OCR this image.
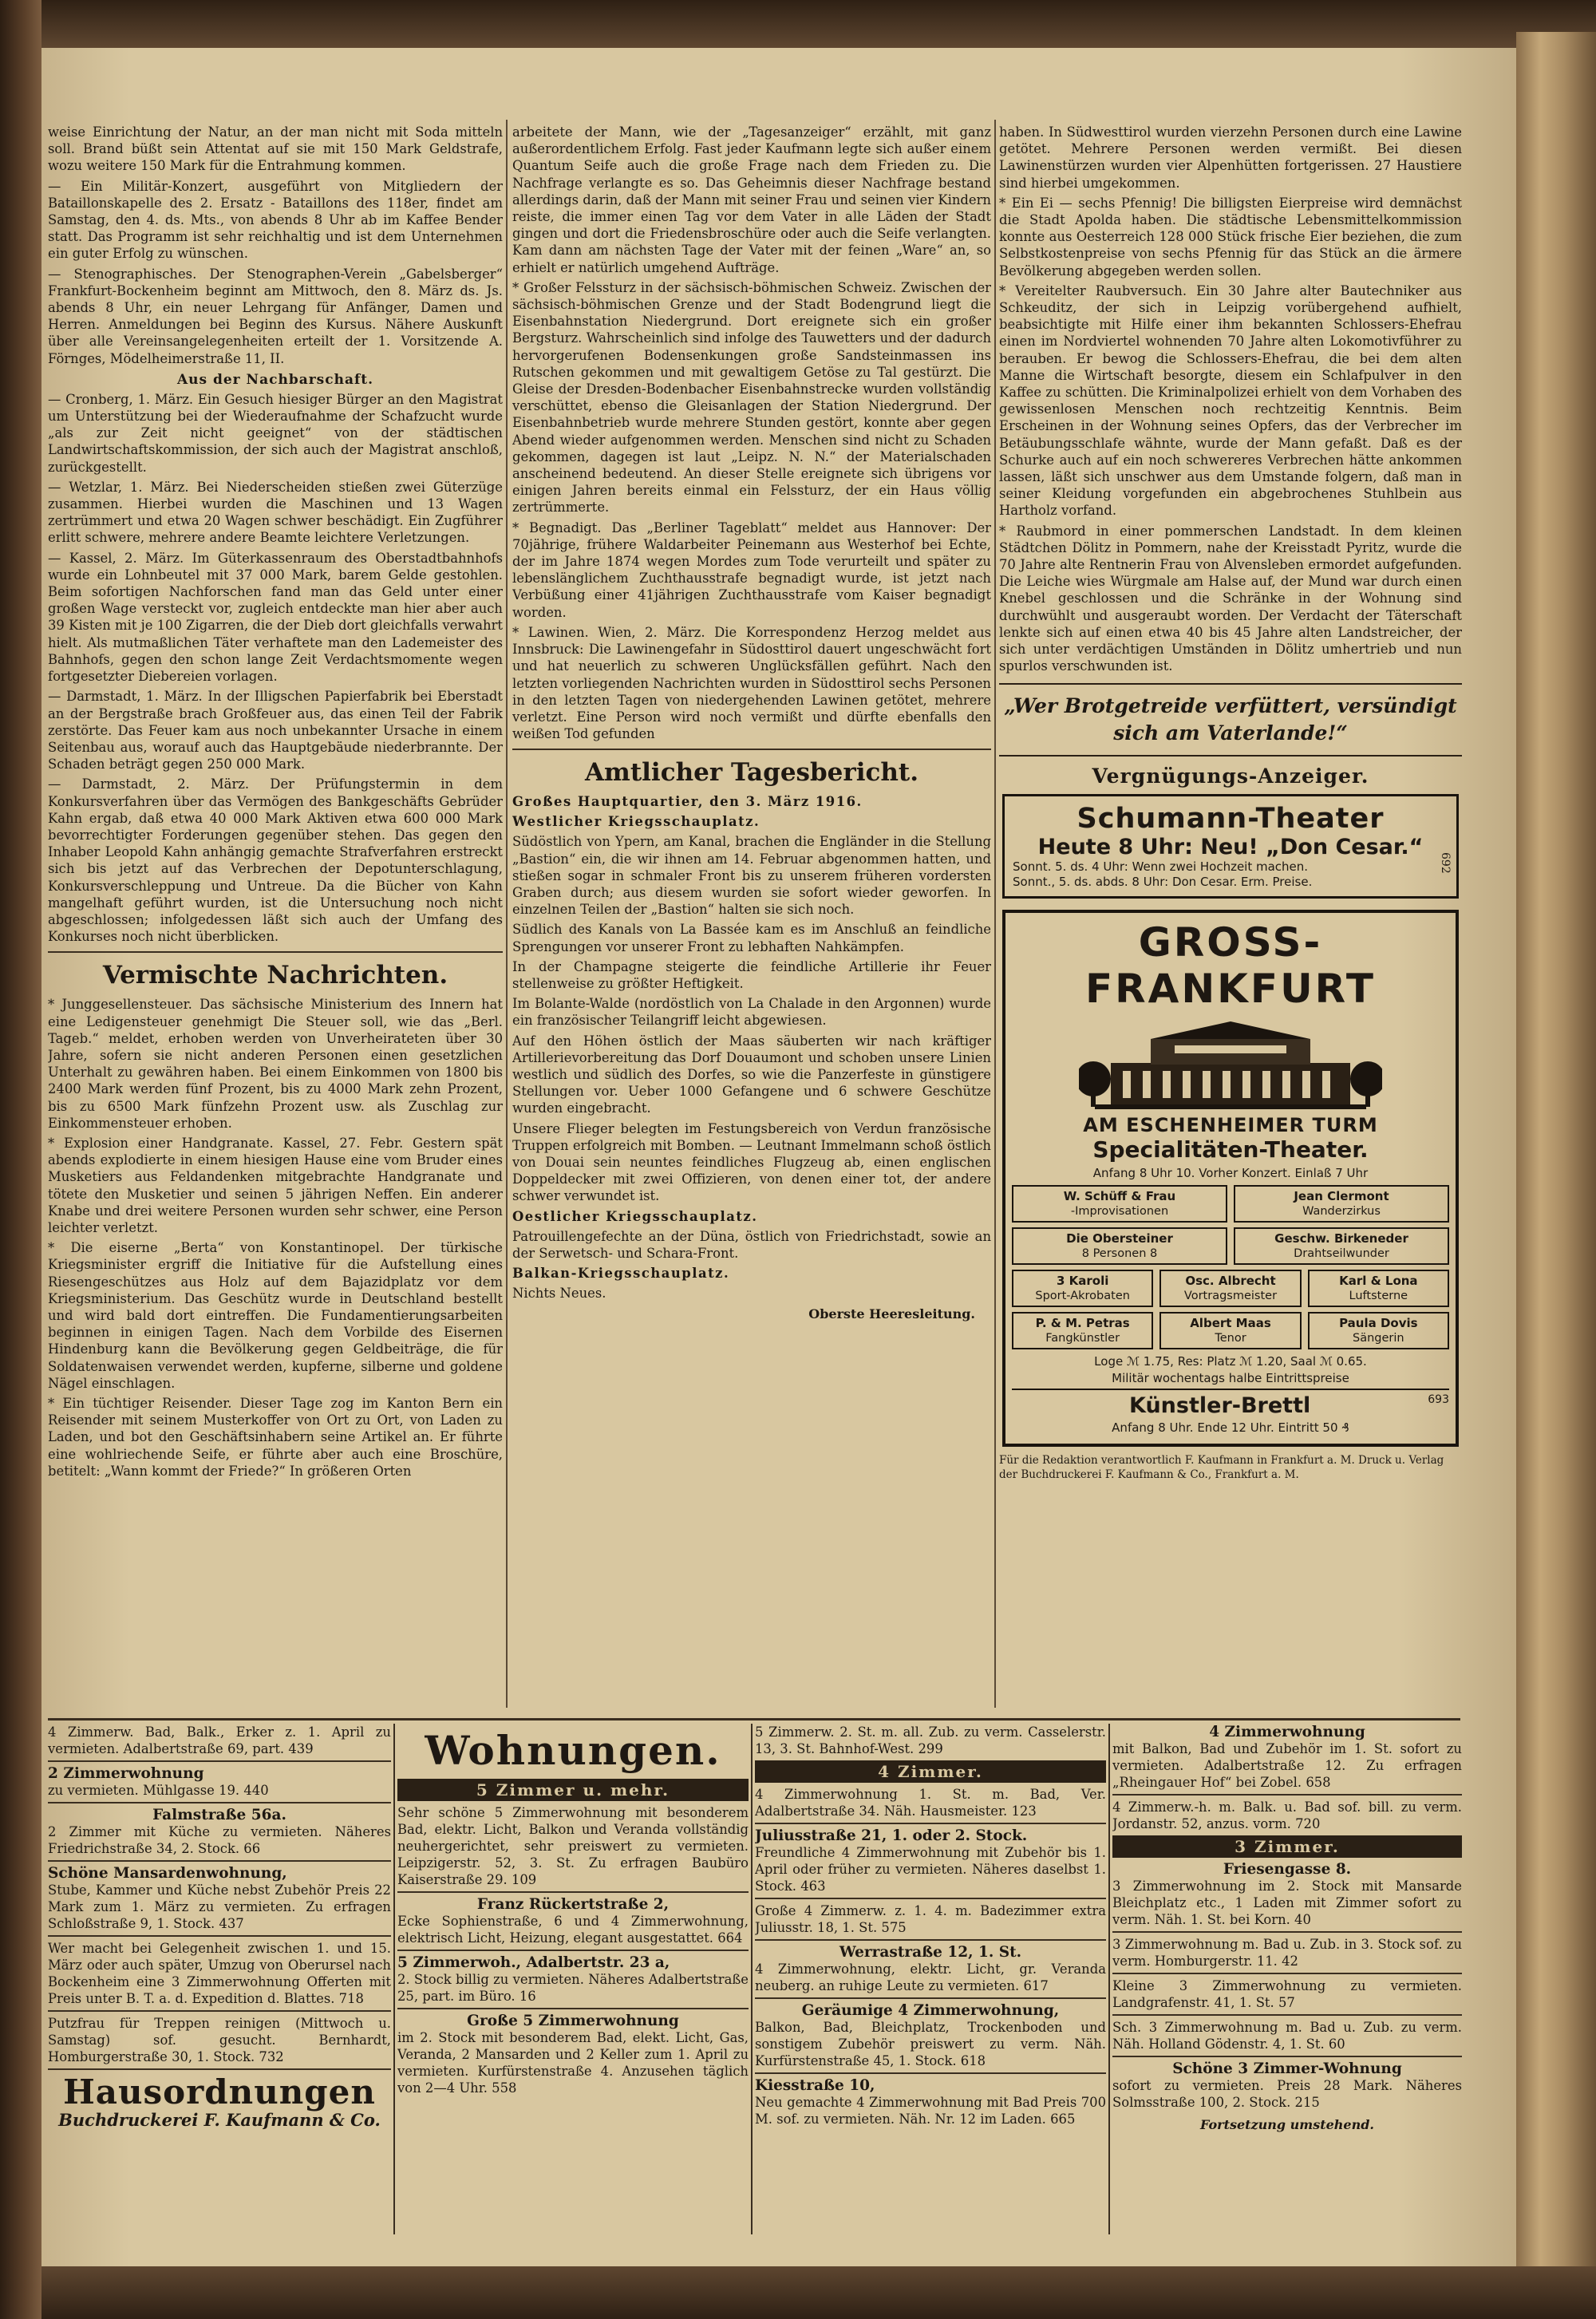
weise Einrichtung der Natur, an der man nicht mit Soda mitteln soll. Brand büßt sein Attentat auf sie mit 150 Mark Geldstrafe, wozu weitere 150 Mark für die Entrahmung kommen.

— Ein Militär-Konzert, ausgeführt von Mitgliedern der Bataillonskapelle des 2. Ersatz - Bataillons des 118er, findet am Samstag, den 4. ds. Mts., von abends 8 Uhr ab im Kaffee Bender statt. Das Programm ist sehr reichhaltig und ist dem Unternehmen ein guter Erfolg zu wünschen.

— Stenographisches. Der Stenographen-Verein „Gabelsberger“ Frankfurt-Bockenheim beginnt am Mittwoch, den 8. März ds. Js. abends 8 Uhr, ein neuer Lehrgang für Anfänger, Damen und Herren. Anmeldungen bei Beginn des Kursus. Nähere Auskunft über alle Vereinsangelegenheiten erteilt der 1. Vorsitzende A. Förnges, Mödelheimerstraße 11, II.

Aus der Nachbarschaft.

— Cronberg, 1. März. Ein Gesuch hiesiger Bürger an den Magistrat um Unterstützung bei der Wiederaufnahme der Schafzucht wurde „als zur Zeit nicht geeignet“ von der städtischen Landwirtschaftskommission, der sich auch der Magistrat anschloß, zurückgestellt.

— Wetzlar, 1. März. Bei Niederscheiden stießen zwei Güterzüge zusammen. Hierbei wurden die Maschinen und 13 Wagen zertrümmert und etwa 20 Wagen schwer beschädigt. Ein Zugführer erlitt schwere, mehrere andere Beamte leichtere Verletzungen.

— Kassel, 2. März. Im Güterkassenraum des Oberstadtbahnhofs wurde ein Lohnbeutel mit 37 000 Mark, barem Gelde gestohlen. Beim sofortigen Nachforschen fand man das Geld unter einer großen Wage versteckt vor, zugleich entdeckte man hier aber auch 39 Kisten mit je 100 Zigarren, die der Dieb dort gleichfalls verwahrt hielt. Als mutmaßlichen Täter verhaftete man den Lademeister des Bahnhofs, gegen den schon lange Zeit Verdachtsmomente wegen fortgesetzter Diebereien vorlagen.

— Darmstadt, 1. März. In der Illigschen Papierfabrik bei Eberstadt an der Bergstraße brach Großfeuer aus, das einen Teil der Fabrik zerstörte. Das Feuer kam aus noch unbekannter Ursache in einem Seitenbau aus, worauf auch das Hauptgebäude niederbrannte. Der Schaden beträgt gegen 250 000 Mark.

— Darmstadt, 2. März. Der Prüfungstermin in dem Konkursverfahren über das Vermögen des Bankgeschäfts Gebrüder Kahn ergab, daß etwa 40 000 Mark Aktiven etwa 600 000 Mark bevorrechtigter Forderungen gegenüber stehen. Das gegen den Inhaber Leopold Kahn anhängig gemachte Strafverfahren erstreckt sich bis jetzt auf das Verbrechen der Depotunterschlagung, Konkursverschleppung und Untreue. Da die Bücher von Kahn mangelhaft geführt wurden, ist die Untersuchung noch nicht abgeschlossen; infolgedessen läßt sich auch der Umfang des Konkurses noch nicht überblicken.

Vermischte Nachrichten.

* Junggesellensteuer. Das sächsische Ministerium des Innern hat eine Ledigensteuer genehmigt Die Steuer soll, wie das „Berl. Tageb.“ meldet, erhoben werden von Unverheirateten über 30 Jahre, sofern sie nicht anderen Personen einen gesetzlichen Unterhalt zu gewähren haben. Bei einem Einkommen von 1800 bis 2400 Mark werden fünf Prozent, bis zu 4000 Mark zehn Prozent, bis zu 6500 Mark fünfzehn Prozent usw. als Zuschlag zur Einkommensteuer erhoben.

* Explosion einer Handgranate. Kassel, 27. Febr. Gestern spät abends explodierte in einem hiesigen Hause eine vom Bruder eines Musketiers aus Feldandenken mitgebrachte Handgranate und tötete den Musketier und seinen 5 jährigen Neffen. Ein anderer Knabe und drei weitere Personen wurden sehr schwer, eine Person leichter verletzt.

* Die eiserne „Berta“ von Konstantinopel. Der türkische Kriegsminister ergriff die Initiative für die Aufstellung eines Riesengeschützes aus Holz auf dem Bajazidplatz vor dem Kriegsministerium. Das Geschütz wurde in Deutschland bestellt und wird bald dort eintreffen. Die Fundamentierungsarbeiten beginnen in einigen Tagen. Nach dem Vorbilde des Eisernen Hindenburg kann die Bevölkerung gegen Geldbeiträge, die für Soldatenwaisen verwendet werden, kupferne, silberne und goldene Nägel einschlagen.

* Ein tüchtiger Reisender. Dieser Tage zog im Kanton Bern ein Reisender mit seinem Musterkoffer von Ort zu Ort, von Laden zu Laden, und bot den Geschäftsinhabern seine Artikel an. Er führte eine wohlriechende Seife, er führte aber auch eine Broschüre, betitelt: „Wann kommt der Friede?“ In größeren Orten

arbeitete der Mann, wie der „Tagesanzeiger“ erzählt, mit ganz außerordentlichem Erfolg. Fast jeder Kaufmann legte sich außer einem Quantum Seife auch die große Frage nach dem Frieden zu. Die Nachfrage verlangte es so. Das Geheimnis dieser Nachfrage bestand allerdings darin, daß der Mann mit seiner Frau und seinen vier Kindern reiste, die immer einen Tag vor dem Vater in alle Läden der Stadt gingen und dort die Friedensbroschüre oder auch die Seife verlangten. Kam dann am nächsten Tage der Vater mit der feinen „Ware“ an, so erhielt er natürlich umgehend Aufträge.

* Großer Felssturz in der sächsisch-böhmischen Schweiz. Zwischen der sächsisch-böhmischen Grenze und der Stadt Bodengrund liegt die Eisenbahnstation Niedergrund. Dort ereignete sich ein großer Bergsturz. Wahrscheinlich sind infolge des Tauwetters und der dadurch hervorgerufenen Bodensenkungen große Sandsteinmassen ins Rutschen gekommen und mit gewaltigem Getöse zu Tal gestürzt. Die Gleise der Dresden-Bodenbacher Eisenbahnstrecke wurden vollständig verschüttet, ebenso die Gleisanlagen der Station Niedergrund. Der Eisenbahnbetrieb wurde mehrere Stunden gestört, konnte aber gegen Abend wieder aufgenommen werden. Menschen sind nicht zu Schaden gekommen, dagegen ist laut „Leipz. N. N.“ der Materialschaden anscheinend bedeutend. An dieser Stelle ereignete sich übrigens vor einigen Jahren bereits einmal ein Felssturz, der ein Haus völlig zertrümmerte.

* Begnadigt. Das „Berliner Tageblatt“ meldet aus Hannover: Der 70jährige, frühere Waldarbeiter Peinemann aus Westerhof bei Echte, der im Jahre 1874 wegen Mordes zum Tode verurteilt und später zu lebenslänglichem Zuchthausstrafe begnadigt wurde, ist jetzt nach Verbüßung einer 41jährigen Zuchthausstrafe vom Kaiser begnadigt worden.

* Lawinen. Wien, 2. März. Die Korrespondenz Herzog meldet aus Innsbruck: Die Lawinengefahr in Südosttirol dauert ungeschwächt fort und hat neuerlich zu schweren Unglücksfällen geführt. Nach den letzten vorliegenden Nachrichten wurden in Südosttirol sechs Personen in den letzten Tagen von niedergehenden Lawinen getötet, mehrere verletzt. Eine Person wird noch vermißt und dürfte ebenfalls den weißen Tod gefunden

Amtlicher Tagesbericht.
Großes Hauptquartier, den 3. März 1916.
Westlicher Kriegsschauplatz.

Südöstlich von Ypern, am Kanal, brachen die Engländer in die Stellung „Bastion“ ein, die wir ihnen am 14. Februar abgenommen hatten, und stießen sogar in schmaler Front bis zu unserem früheren vordersten Graben durch; aus diesem wurden sie sofort wieder geworfen. In einzelnen Teilen der „Bastion“ halten sie sich noch.

Südlich des Kanals von La Bassée kam es im Anschluß an feindliche Sprengungen vor unserer Front zu lebhaften Nahkämpfen.

In der Champagne steigerte die feindliche Artillerie ihr Feuer stellenweise zu größter Heftigkeit.

Im Bolante-Walde (nordöstlich von La Chalade in den Argonnen) wurde ein französischer Teilangriff leicht abgewiesen.

Auf den Höhen östlich der Maas säuberten wir nach kräftiger Artillerievorbereitung das Dorf Douaumont und schoben unsere Linien westlich und südlich des Dorfes, so wie die Panzerfeste in günstigere Stellungen vor. Ueber 1000 Gefangene und 6 schwere Geschütze wurden eingebracht.

Unsere Flieger belegten im Festungsbereich von Verdun französische Truppen erfolgreich mit Bomben. — Leutnant Immelmann schoß östlich von Douai sein neuntes feindliches Flugzeug ab, einen englischen Doppeldecker mit zwei Offizieren, von denen einer tot, der andere schwer verwundet ist.

Oestlicher Kriegsschauplatz.

Patrouillengefechte an der Düna, östlich von Friedrichstadt, sowie an der Serwetsch- und Schara-Front.

Balkan-Kriegsschauplatz.

Nichts Neues.

Oberste Heeresleitung.

haben. In Südwesttirol wurden vierzehn Personen durch eine Lawine getötet. Mehrere Personen werden vermißt. Bei diesen Lawinenstürzen wurden vier Alpenhütten fortgerissen. 27 Haustiere sind hierbei umgekommen.

* Ein Ei — sechs Pfennig! Die billigsten Eierpreise wird demnächst die Stadt Apolda haben. Die städtische Lebensmittelkommission konnte aus Oesterreich 128 000 Stück frische Eier beziehen, die zum Selbstkostenpreise von sechs Pfennig für das Stück an die ärmere Bevölkerung abgegeben werden sollen.

* Vereitelter Raubversuch. Ein 30 Jahre alter Bautechniker aus Schkeuditz, der sich in Leipzig vorübergehend aufhielt, beabsichtigte mit Hilfe einer ihm bekannten Schlossers-Ehefrau einen im Nordviertel wohnenden 70 Jahre alten Lokomotivführer zu berauben. Er bewog die Schlossers-Ehefrau, die bei dem alten Manne die Wirtschaft besorgte, diesem ein Schlafpulver in den Kaffee zu schütten. Die Kriminalpolizei erhielt von dem Vorhaben des gewissenlosen Menschen noch rechtzeitig Kenntnis. Beim Erscheinen in der Wohnung seines Opfers, das der Verbrecher im Betäubungsschlafe wähnte, wurde der Mann gefaßt. Daß es der Schurke auch auf ein noch schwereres Verbrechen hätte ankommen lassen, läßt sich unschwer aus dem Umstande folgern, daß man in seiner Kleidung vorgefunden ein abgebrochenes Stuhlbein aus Hartholz vorfand.

* Raubmord in einer pommerschen Landstadt. In dem kleinen Städtchen Dölitz in Pommern, nahe der Kreisstadt Pyritz, wurde die 70 Jahre alte Rentnerin Frau von Alvensleben ermordet aufgefunden. Die Leiche wies Würgmale am Halse auf, der Mund war durch einen Knebel geschlossen und die Schränke in der Wohnung sind durchwühlt und ausgeraubt worden. Der Verdacht der Täterschaft lenkte sich auf einen etwa 40 bis 45 Jahre alten Landstreicher, der sich unter verdächtigen Umständen in Dölitz umhertrieb und nun spurlos verschwunden ist.

„Wer Brotgetreide verfüttert, versündigt sich am Vaterlande!“
Vergnügungs-Anzeiger.
Schumann-Theater
Heute 8 Uhr: Neu! „Don Cesar.“
692
Sonnt. 5. ds. 4 Uhr: Wenn zwei Hochzeit machen.
Sonnt., 5. ds. abds. 8 Uhr: Don Cesar. Erm. Preise.
GROSS-FRANKFURT
AM ESCHENHEIMER TURM
Specialitäten-Theater.
Anfang 8 Uhr 10. Vorher Konzert. Einlaß 7 Uhr
W. Schüff & Frau
-Improvisationen
Jean Clermont
Wanderzirkus
Die Obersteiner
8 Personen 8
Geschw. Birkeneder
Drahtseilwunder
3 Karoli
Sport-Akrobaten
Osc. Albrecht
Vortragsmeister
Karl & Lona
Luftsterne
P. & M. Petras
Fangkünstler
Albert Maas
Tenor
Paula Dovis
Sängerin
Loge ℳ 1.75, Res: Platz ℳ 1.20, Saal ℳ 0.65.
Militär wochentags halbe Eintrittspreise
Künstler-Brettl	693
Anfang 8 Uhr. Ende 12 Uhr. Eintritt 50 ₰
Für die Redaktion verantwortlich F. Kaufmann in Frankfurt a. M. Druck u. Verlag der Buchdruckerei F. Kaufmann & Co., Frankfurt a. M.

4 Zimmerw. Bad, Balk., Erker z. 1. April zu vermieten. Adalbertstraße 69, part. 439

2 Zimmerwohnung

zu vermieten. Mühlgasse 19. 440

Falmstraße 56a.

2 Zimmer mit Küche zu vermieten. Näheres Friedrichstraße 34, 2. Stock. 66

Schöne Mansardenwohnung,

Stube, Kammer und Küche nebst Zubehör Preis 22 Mark zum 1. März zu vermieten. Zu erfragen Schloßstraße 9, 1. Stock. 437

Wer macht bei Gelegenheit zwischen 1. und 15. März oder auch später, Umzug von Oberursel nach Bockenheim eine 3 Zimmerwohnung Offerten mit Preis unter B. T. a. d. Expedition d. Blattes. 718

Putzfrau für Treppen reinigen (Mittwoch u. Samstag) sof. gesucht. Bernhardt, Homburgerstraße 30, 1. Stock. 732

Hausordnungen
Buchdruckerei F. Kaufmann & Co.
Wohnungen.
5 Zimmer u. mehr.

Sehr schöne 5 Zimmerwohnung mit besonderem Bad, elektr. Licht, Balkon und Veranda vollständig neuhergerichtet, sehr preiswert zu vermieten. Leipzigerstr. 52, 3. St. Zu erfragen Baubüro Kaiserstraße 29. 109

Franz Rückertstraße 2,

Ecke Sophienstraße, 6 und 4 Zimmerwohnung, elektrisch Licht, Heizung, elegant ausgestattet. 664

5 Zimmerwoh., Adalbertstr. 23 a,

2. Stock billig zu vermieten. Näheres Adalbertstraße 25, part. im Büro. 16

Große 5 Zimmerwohnung

im 2. Stock mit besonderem Bad, elekt. Licht, Gas, Veranda, 2 Mansarden und 2 Keller zum 1. April zu vermieten. Kurfürstenstraße 4. Anzusehen täglich von 2—4 Uhr. 558

5 Zimmerw. 2. St. m. all. Zub. zu verm. Casselerstr. 13, 3. St. Bahnhof-West. 299

4 Zimmer.

4 Zimmerwohnung 1. St. m. Bad, Ver. Adalbertstraße 34. Näh. Hausmeister. 123

Juliusstraße 21, 1. oder 2. Stock.

Freundliche 4 Zimmerwohnung mit Zubehör bis 1. April oder früher zu vermieten. Näheres daselbst 1. Stock. 463

Große 4 Zimmerw. z. 1. 4. m. Badezimmer extra Juliusstr. 18, 1. St. 575

Werrastraße 12, 1. St.

4 Zimmerwohnung, elektr. Licht, gr. Veranda neuberg. an ruhige Leute zu vermieten. 617

Geräumige 4 Zimmerwohnung,

Balkon, Bad, Bleichplatz, Trockenboden und sonstigem Zubehör preiswert zu verm. Näh. Kurfürstenstraße 45, 1. Stock. 618

Kiesstraße 10,

Neu gemachte 4 Zimmerwohnung mit Bad Preis 700 M. sof. zu vermieten. Näh. Nr. 12 im Laden. 665

4 Zimmerwohnung

mit Balkon, Bad und Zubehör im 1. St. sofort zu vermieten. Adalbertstraße 12. Zu erfragen „Rheingauer Hof“ bei Zobel. 658

4 Zimmerw.-h. m. Balk. u. Bad sof. bill. zu verm. Jordanstr. 52, anzus. vorm. 720

3 Zimmer.
Friesengasse 8.

3 Zimmerwohnung im 2. Stock mit Mansarde Bleichplatz etc., 1 Laden mit Zimmer sofort zu verm. Näh. 1. St. bei Korn. 40

3 Zimmerwohnung m. Bad u. Zub. in 3. Stock sof. zu verm. Homburgerstr. 11. 42

Kleine 3 Zimmerwohnung zu vermieten. Landgrafenstr. 41, 1. St. 57

Sch. 3 Zimmerwohnung m. Bad u. Zub. zu verm. Näh. Holland Gödenstr. 4, 1. St. 60

Schöne 3 Zimmer-Wohnung

sofort zu vermieten. Preis 28 Mark. Näheres Solmsstraße 100, 2. Stock. 215

Fortsetzung umstehend.
